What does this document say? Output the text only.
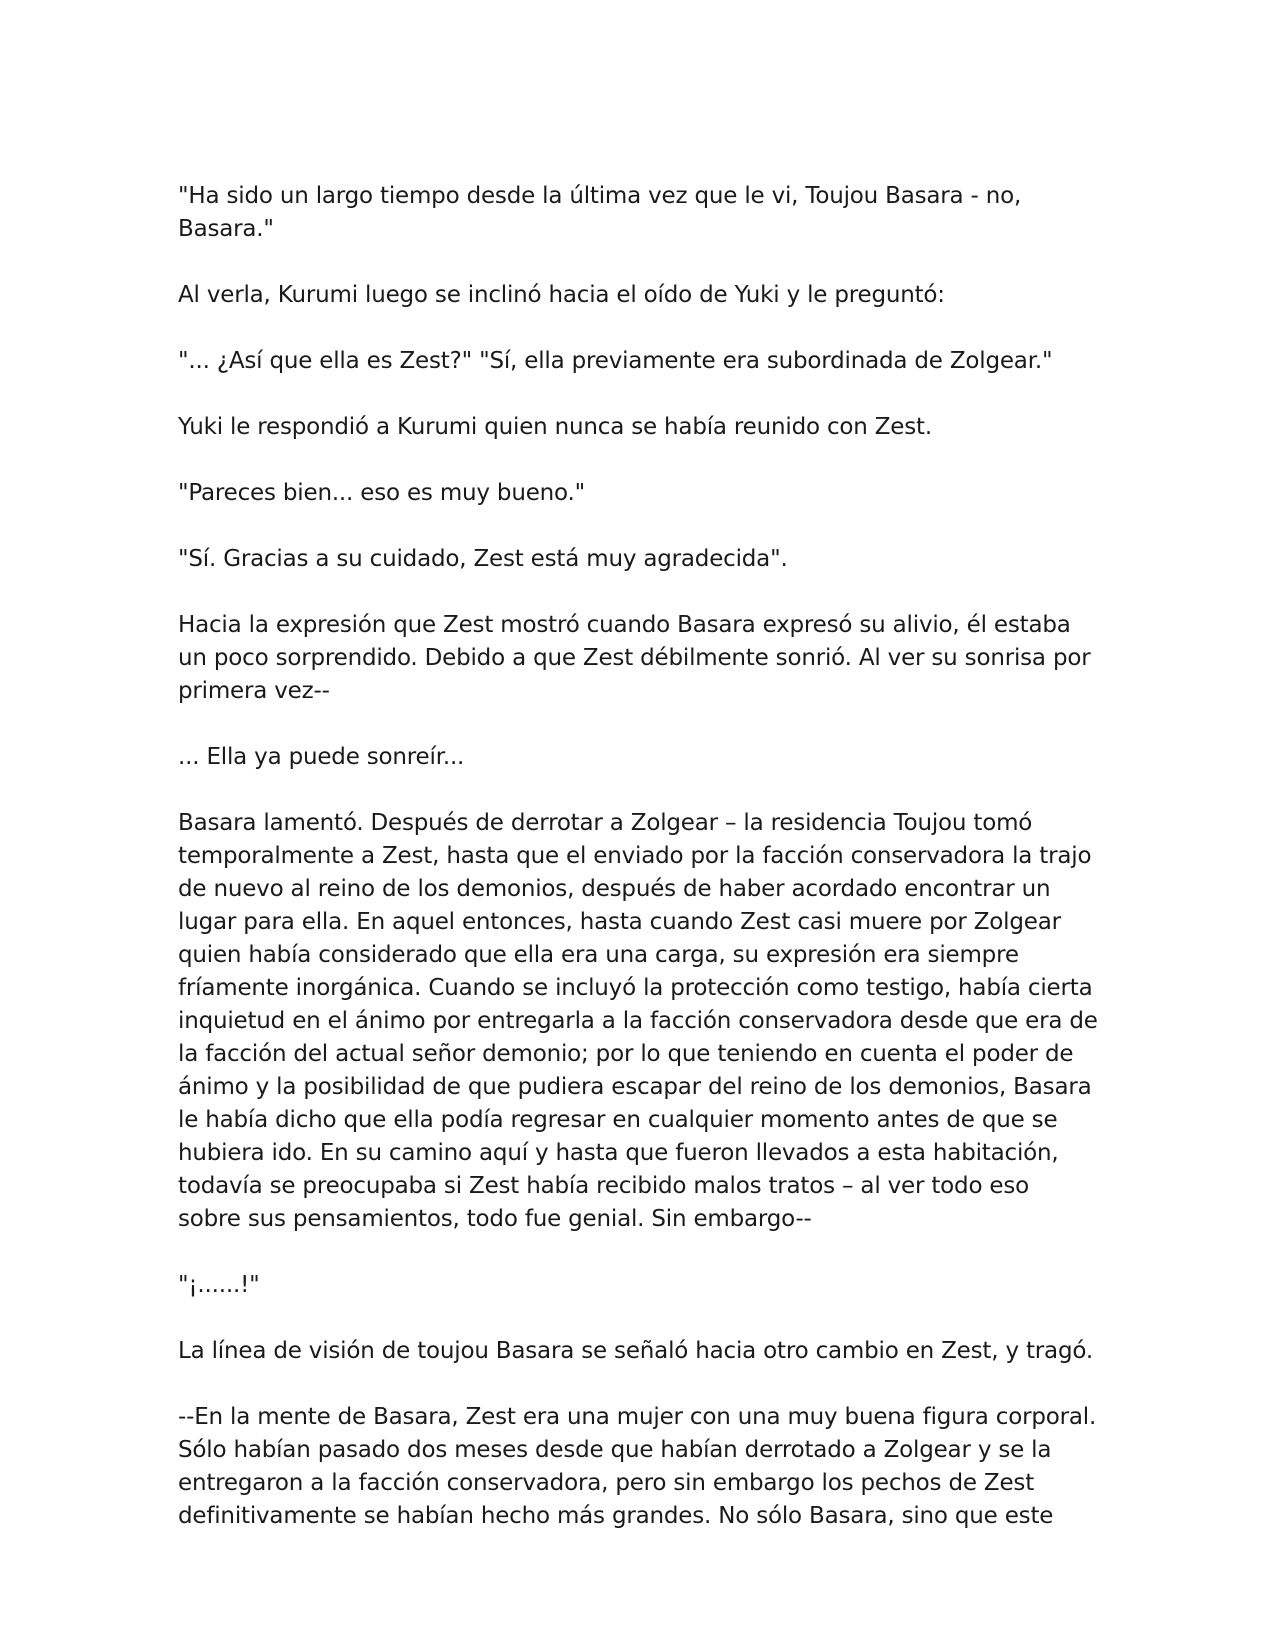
"Ha sido un largo tiempo desde la última vez que le vi, Toujou Basara - no, Basara."

Al verla, Kurumi luego se inclinó hacia el oído de Yuki y le preguntó:

"... ¿Así que ella es Zest?" "Sí, ella previamente era subordinada de Zolgear."

Yuki le respondió a Kurumi quien nunca se había reunido con Zest.

"Pareces bien... eso es muy bueno."

"Sí. Gracias a su cuidado, Zest está muy agradecida".

Hacia la expresión que Zest mostró cuando Basara expresó su alivio, él estaba un poco sorprendido. Debido a que Zest débilmente sonrió. Al ver su sonrisa por primera vez--

... Ella ya puede sonreír...

Basara lamentó. Después de derrotar a Zolgear – la residencia Toujou tomó temporalmente a Zest, hasta que el enviado por la facción conservadora la trajo de nuevo al reino de los demonios, después de haber acordado encontrar un lugar para ella. En aquel entonces, hasta cuando Zest casi muere por Zolgear quien había considerado que ella era una carga, su expresión era siempre fríamente inorgánica. Cuando se incluyó la protección como testigo, había cierta inquietud en el ánimo por entregarla a la facción conservadora desde que era de la facción del actual señor demonio; por lo que teniendo en cuenta el poder de ánimo y la posibilidad de que pudiera escapar del reino de los demonios, Basara le había dicho que ella podía regresar en cualquier momento antes de que se hubiera ido. En su camino aquí y hasta que fueron llevados a esta habitación, todavía se preocupaba si Zest había recibido malos tratos – al ver todo eso sobre sus pensamientos, todo fue genial. Sin embargo--

"¡......!"

La línea de visión de toujou Basara se señaló hacia otro cambio en Zest, y tragó.

--En la mente de Basara, Zest era una mujer con una muy buena figura corporal. Sólo habían pasado dos meses desde que habían derrotado a Zolgear y se la entregaron a la facción conservadora, pero sin embargo los pechos de Zest definitivamente se habían hecho más grandes. No sólo Basara, sino que este
